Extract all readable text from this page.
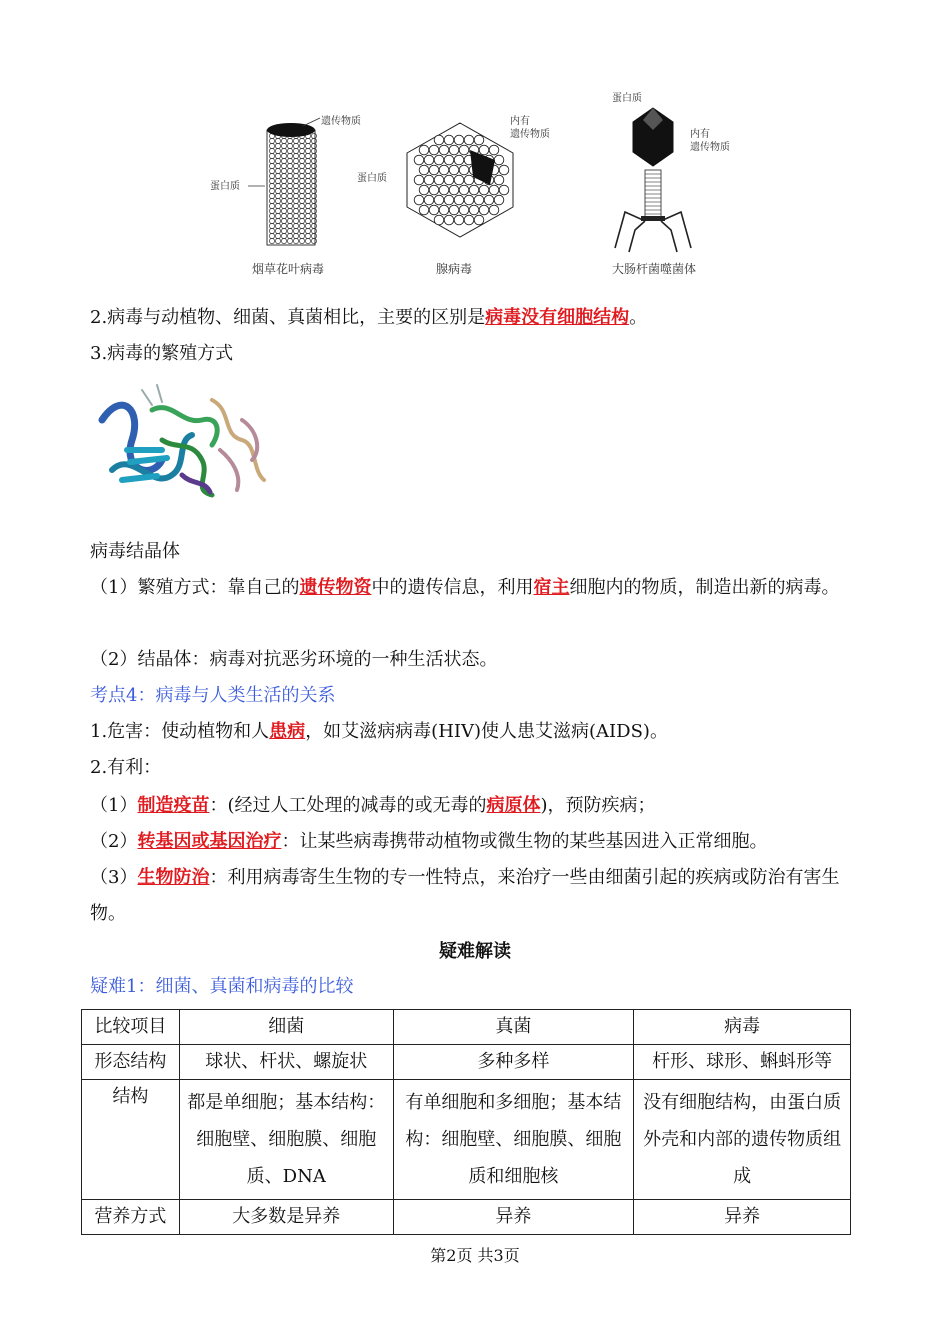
遗传物质
蛋白质
烟草花叶病毒
内有
遗传物质
蛋白质
腺病毒
蛋白质
内有
遗传物质
大肠杆菌噬菌体
2.病毒与动植物、细菌、真菌相比，主要的区别是病毒没有细胞结构。
3.病毒的繁殖方式
病毒结晶体
（1）繁殖方式：靠自己的遗传物资中的遗传信息，利用宿主细胞内的物质，制造出新的病毒。
（2）结晶体：病毒对抗恶劣环境的一种生活状态。
考点4：病毒与人类生活的关系
1.危害：使动植物和人患病，如艾滋病病毒(HIV)使人患艾滋病(AIDS)。
2.有利：
（1）制造疫苗：(经过人工处理的减毒的或无毒的病原体)，预防疾病；
（2）转基因或基因治疗：让某些病毒携带动植物或微生物的某些基因进入正常细胞。
（3）生物防治：利用病毒寄生生物的专一性特点，来治疗一些由细菌引起的疾病或防治有害生物。
疑难解读
疑难1：细菌、真菌和病毒的比较
比较项目	细菌	真菌	病毒
形态结构	球状、杆状、螺旋状	多种多样	杆形、球形、蝌蚪形等
结构	都是单细胞；基本结构：细胞壁、细胞膜、细胞质、DNA	有单细胞和多细胞；基本结构：细胞壁、细胞膜、细胞质和细胞核	没有细胞结构，由蛋白质外壳和内部的遗传物质组成
营养方式	大多数是异养	异养	异养
第2页 共3页
